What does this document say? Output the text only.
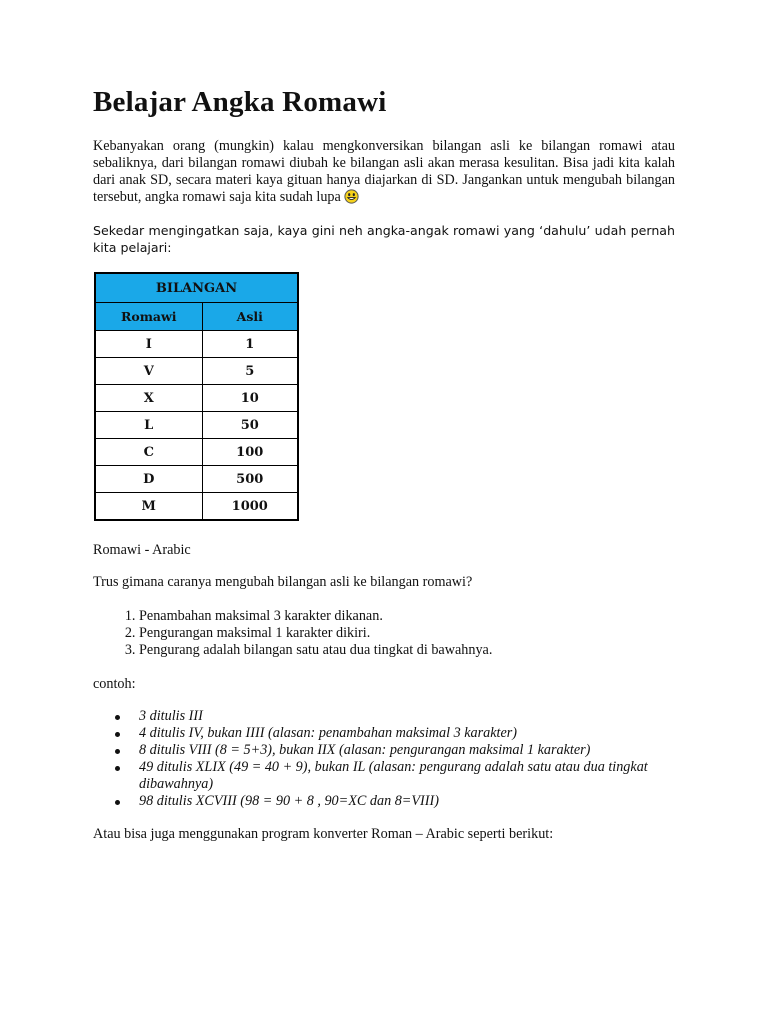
Belajar Angka Romawi

Kebanyakan orang (mungkin) kalau mengkonversikan bilangan asli ke bilangan romawi atau sebaliknya, dari bilangan romawi diubah ke bilangan asli akan merasa kesulitan. Bisa jadi kita kalah dari anak SD, secara materi kaya gituan hanya diajarkan di SD. Jangankan untuk mengubah bilangan tersebut, angka romawi saja kita sudah lupa

Sekedar mengingatkan saja, kaya gini neh angka-angak romawi yang ‘dahulu’ udah pernah kita pelajari:

BILANGAN	
Romawi	Asli
I	1
V	5
X	10
L	50
C	100
D	500
M	1000

Romawi - Arabic

Trus gimana caranya mengubah bilangan asli ke bilangan romawi?

1. Penambahan maksimal 3 karakter dikanan.
2. Pengurangan maksimal 1 karakter dikiri.
3. Pengurang adalah bilangan satu atau dua tingkat di bawahnya.

contoh:

3 ditulis III
4 ditulis IV, bukan IIII (alasan: penambahan maksimal 3 karakter)
8 ditulis VIII (8 = 5+3), bukan IIX (alasan: pengurangan maksimal 1 karakter)
49 ditulis XLIX (49 = 40 + 9), bukan IL (alasan: pengurang adalah satu atau dua tingkat dibawahnya)
98 ditulis XCVIII (98 = 90 + 8 , 90=XC dan 8=VIII)

Atau bisa juga menggunakan program konverter Roman – Arabic seperti berikut:
